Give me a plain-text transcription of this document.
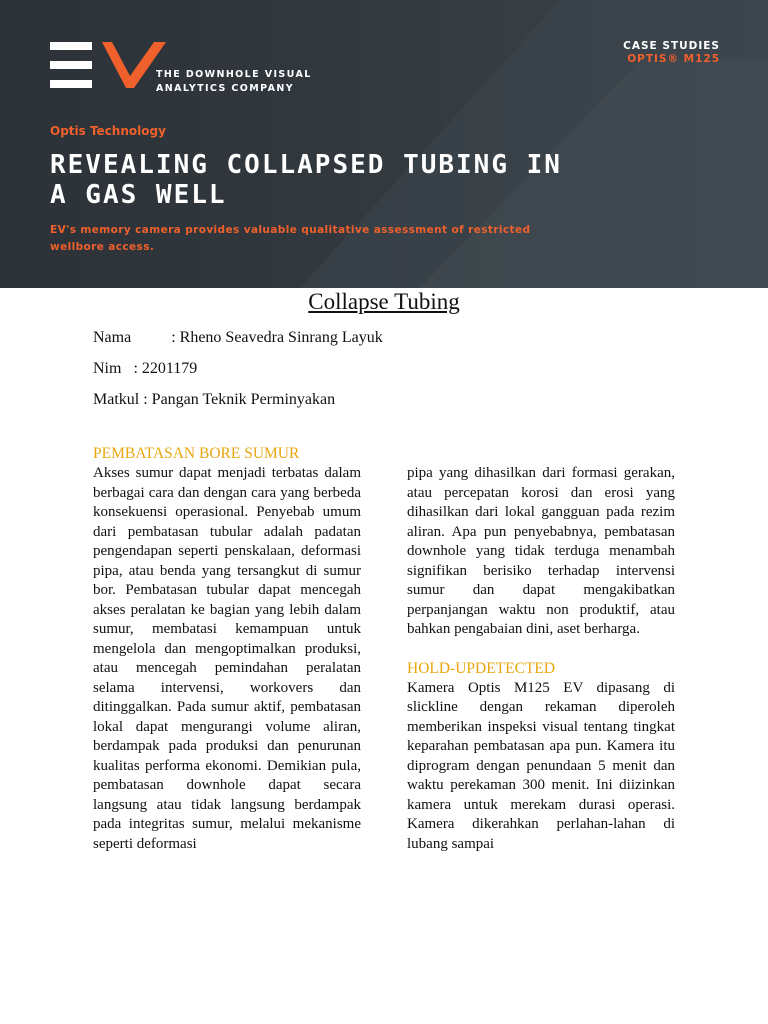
THE DOWNHOLE VISUAL
ANALYTICS COMPANY
CASE STUDIES
OPTIS® M125
Optis Technology
REVEALING COLLAPSED TUBING IN A GAS WELL
EV's memory camera provides valuable qualitative assessment of restricted wellbore access.
Collapse Tubing
Nama          : Rheno Seavedra Sinrang Layuk
Nim   : 2201179
Matkul : Pangan Teknik Perminyakan

PEMBATASAN BORE SUMUR

Akses sumur dapat menjadi terbatas dalam berbagai cara dan dengan cara yang berbeda konsekuensi operasional. Penyebab umum dari pembatasan tubular adalah padatan pengendapan seperti penskalaan, deformasi pipa, atau benda yang tersangkut di sumur bor. Pembatasan tubular dapat mencegah akses peralatan ke bagian yang lebih dalam sumur, membatasi kemampuan untuk mengelola dan mengoptimalkan produksi, atau mencegah pemindahan peralatan selama intervensi, workovers dan ditinggalkan. Pada sumur aktif, pembatasan lokal dapat mengurangi volume aliran, berdampak pada produksi dan penurunan kualitas performa ekonomi. Demikian pula, pembatasan downhole dapat secara langsung atau tidak langsung berdampak pada integritas sumur, melalui mekanisme seperti deformasi

pipa yang dihasilkan dari formasi gerakan, atau percepatan korosi dan erosi yang dihasilkan dari lokal gangguan pada rezim aliran. Apa pun penyebabnya, pembatasan downhole yang tidak terduga menambah signifikan berisiko terhadap intervensi sumur dan dapat mengakibatkan perpanjangan waktu non produktif, atau bahkan pengabaian dini, aset berharga.

HOLD-UPDETECTED

Kamera Optis M125 EV dipasang di slickline dengan rekaman diperoleh memberikan inspeksi visual tentang tingkat keparahan pembatasan apa pun. Kamera itu diprogram dengan penundaan 5 menit dan waktu perekaman 300 menit. Ini diizinkan kamera untuk merekam durasi operasi. Kamera dikerahkan perlahan-lahan di lubang sampai
